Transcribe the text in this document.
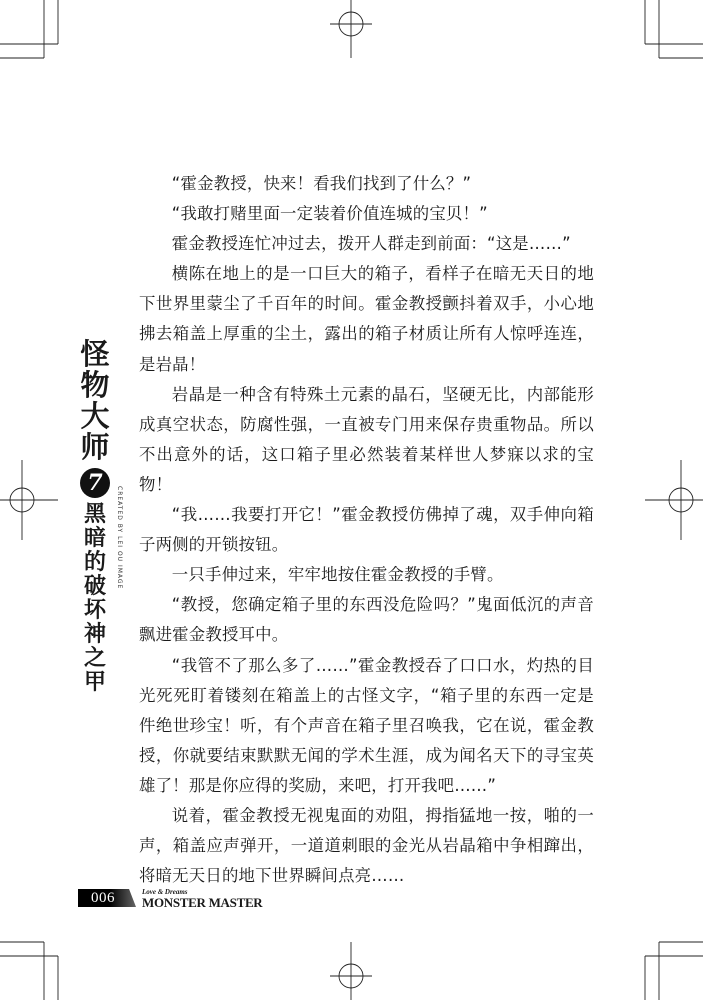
怪
物
大
师
7
黑
暗
的
破
坏
神
之
甲
CREATED BY LEI OU IMAGE

“霍金教授，快来！看我们找到了什么？”

“我敢打赌里面一定装着价值连城的宝贝！”

霍金教授连忙冲过去，拨开人群走到前面：“这是……”

横陈在地上的是一口巨大的箱子，看样子在暗无天日的地下世界里蒙尘了千百年的时间。霍金教授颤抖着双手，小心地拂去箱盖上厚重的尘土，露出的箱子材质让所有人惊呼连连，是岩晶！

岩晶是一种含有特殊土元素的晶石，坚硬无比，内部能形成真空状态，防腐性强，一直被专门用来保存贵重物品。所以不出意外的话，这口箱子里必然装着某样世人梦寐以求的宝物！

“我……我要打开它！”霍金教授仿佛掉了魂，双手伸向箱子两侧的开锁按钮。

一只手伸过来，牢牢地按住霍金教授的手臂。

“教授，您确定箱子里的东西没危险吗？”鬼面低沉的声音飘进霍金教授耳中。

“我管不了那么多了……”霍金教授吞了口口水，灼热的目光死死盯着镂刻在箱盖上的古怪文字，“箱子里的东西一定是件绝世珍宝！听，有个声音在箱子里召唤我，它在说，霍金教授，你就要结束默默无闻的学术生涯，成为闻名天下的寻宝英雄了！那是你应得的奖励，来吧，打开我吧……”

说着，霍金教授无视鬼面的劝阻，拇指猛地一按，啪的一声，箱盖应声弹开，一道道刺眼的金光从岩晶箱中争相蹿出，将暗无天日的地下世界瞬间点亮……

006	Love & Dreams
MONSTER MASTER
